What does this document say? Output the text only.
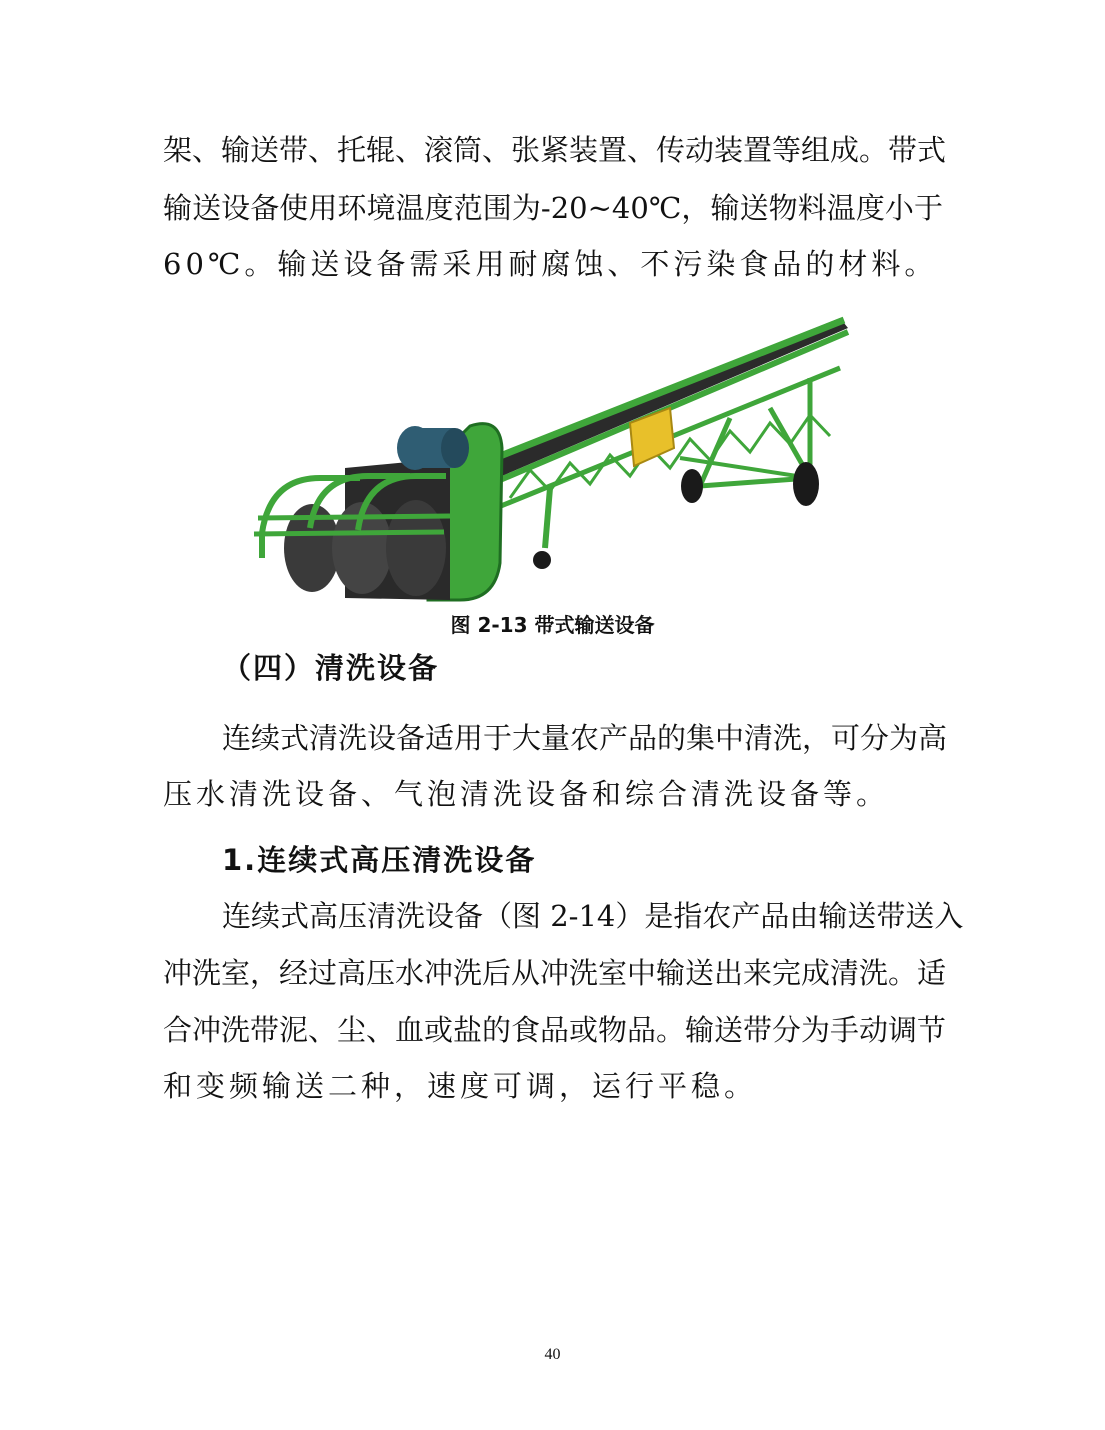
架、输送带、托辊、滚筒、张紧装置、传动装置等组成。带式
输送设备使用环境温度范围为-20~40℃，输送物料温度小于
60℃。输送设备需采用耐腐蚀、不污染食品的材料。
图 2-13 带式输送设备
（四）清洗设备
连续式清洗设备适用于大量农产品的集中清洗，可分为高
压水清洗设备、气泡清洗设备和综合清洗设备等。
1.连续式高压清洗设备
连续式高压清洗设备（图 2-14）是指农产品由输送带送入
冲洗室，经过高压水冲洗后从冲洗室中输送出来完成清洗。适
合冲洗带泥、尘、血或盐的食品或物品。输送带分为手动调节
和变频输送二种，速度可调，运行平稳。
40
